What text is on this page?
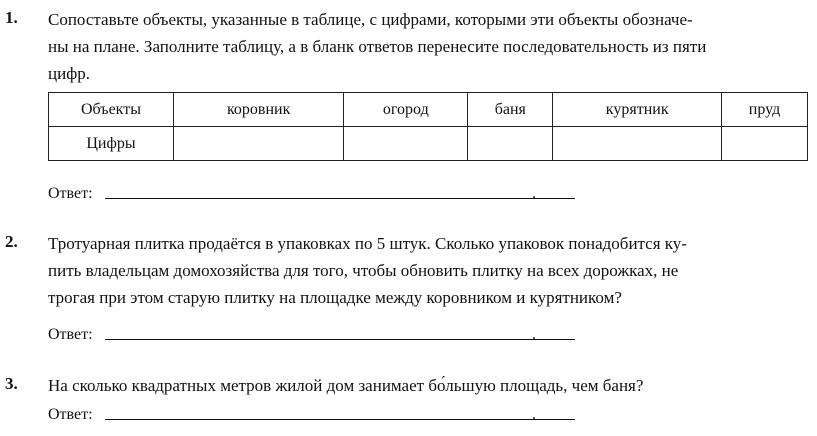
1. Сопоставьте объекты, указанные в таблице, с цифрами, которыми эти объекты обозначе-
ны на плане. Заполните таблицу, а в бланк ответов перенесите последовательность из пяти
цифр.
Объекты	коровник	огород	баня	курятник	пруд
Цифры					
Ответ:	.
2. Тротуарная плитка продаётся в упаковках по 5 штук. Сколько упаковок понадобится ку-
пить владельцам домохозяйства для того, чтобы обновить плитку на всех дорожках, не
трогая при этом старую плитку на площадке между коровником и курятником?
Ответ:	.
3. На сколько квадратных метров жилой дом занимает бо́льшую площадь, чем баня?
Ответ:	.
